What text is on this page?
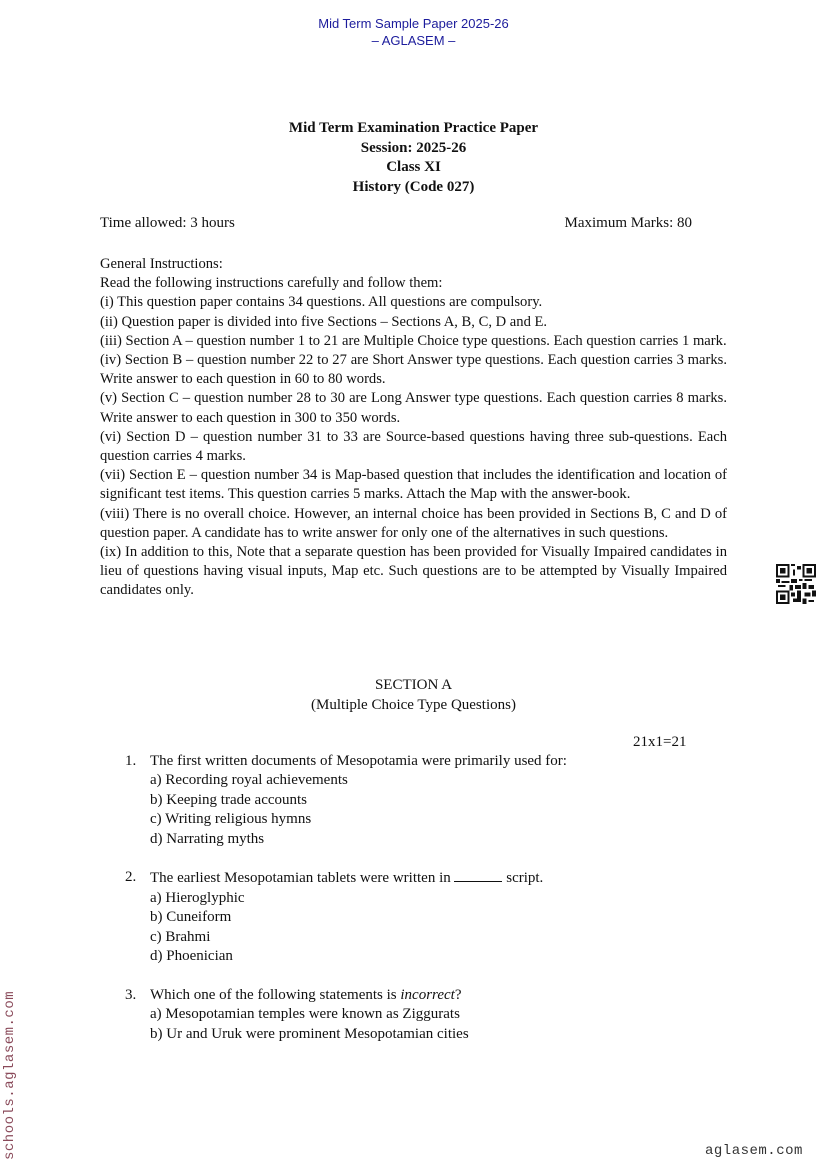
Mid Term Sample Paper 2025-26
– AGLASEM –
Mid Term Examination Practice Paper
Session: 2025-26
Class XI
History (Code 027)
Time allowed: 3 hours	Maximum Marks: 80

General Instructions:

Read the following instructions carefully and follow them:

(i) This question paper contains 34 questions. All questions are compulsory.

(ii) Question paper is divided into five Sections – Sections A, B, C, D and E.

(iii) Section A – question number 1 to 21 are Multiple Choice type questions. Each question carries 1 mark.

(iv) Section B – question number 22 to 27 are Short Answer type questions. Each question carries 3 marks. Write answer to each question in 60 to 80 words.

(v) Section C – question number 28 to 30 are Long Answer type questions. Each question carries 8 marks. Write answer to each question in 300 to 350 words.

(vi) Section D – question number 31 to 33 are Source-based questions having three sub-questions. Each question carries 4 marks.

(vii) Section E – question number 34 is Map-based question that includes the identification and location of significant test items. This question carries 5 marks. Attach the Map with the answer-book.

(viii) There is no overall choice. However, an internal choice has been provided in Sections B, C and D of question paper. A candidate has to write answer for only one of the alternatives in such questions.

(ix) In addition to this, Note that a separate question has been provided for Visually Impaired candidates in lieu of questions having visual inputs, Map etc. Such questions are to be attempted by Visually Impaired candidates only.

SECTION A
(Multiple Choice Type Questions)
21x1=21
1. The first written documents of Mesopotamia were primarily used for:
a) Recording royal achievements
b) Keeping trade accounts
c) Writing religious hymns
d) Narrating myths
2. The earliest Mesopotamian tablets were written in	script.
a) Hieroglyphic
b) Cuneiform
c) Brahmi
d) Phoenician
3. Which one of the following statements is incorrect?
a) Mesopotamian temples were known as Ziggurats
b) Ur and Uruk were prominent Mesopotamian cities
schools.aglasem.com	aglasem.com
